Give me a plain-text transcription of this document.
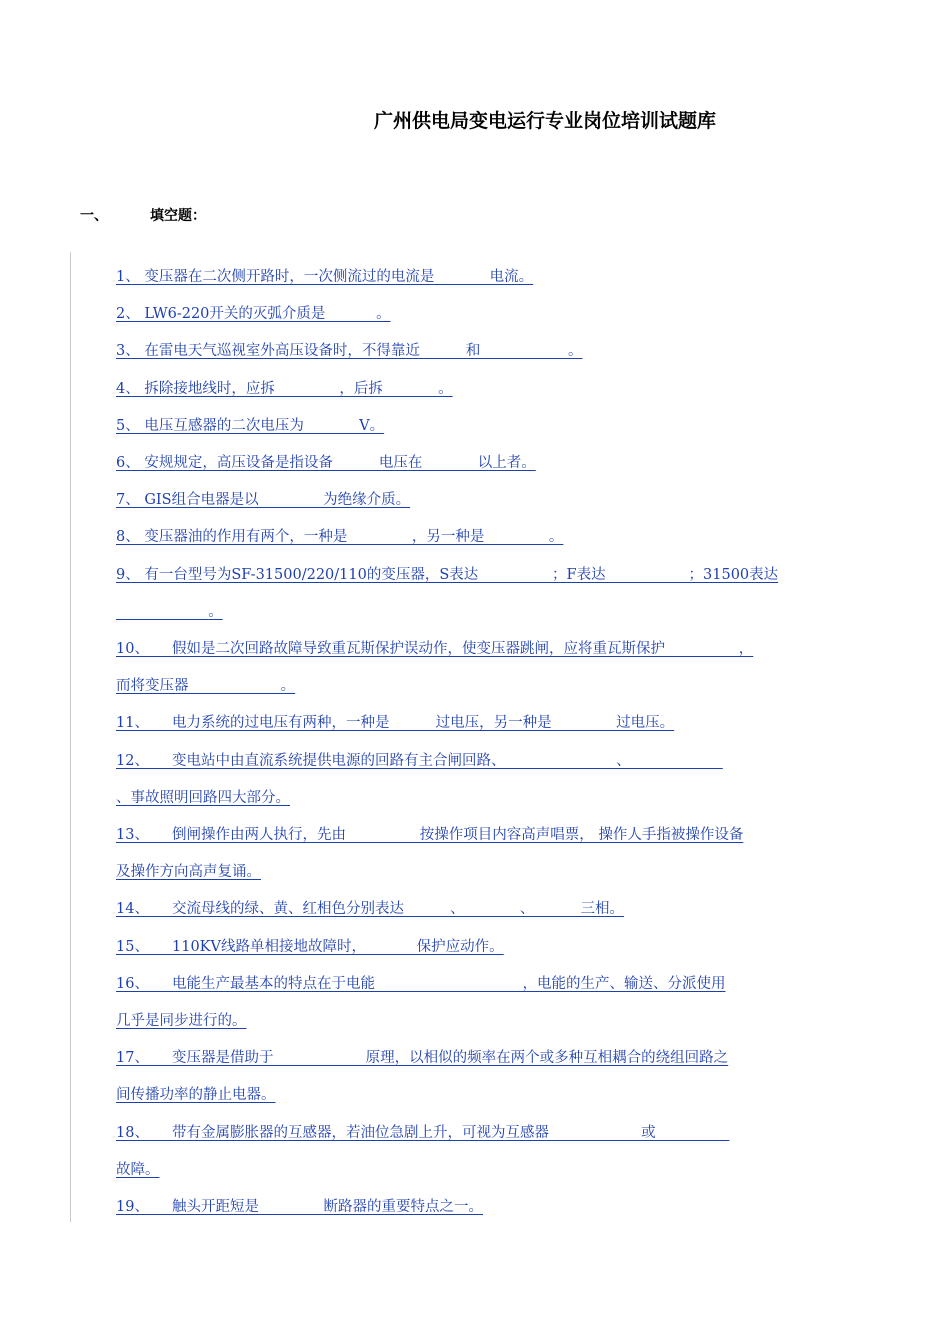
广州供电局变电运行专业岗位培训试题库
一、	填空题：

1、 变压器在二次侧开路时，一次侧流过的电流是            电流。

2、 LW6-220开关的灭弧介质是           。

3、 在雷电天气巡视室外高压设备时，不得靠近          和                   。

4、 拆除接地线时，应拆              ，后拆            。

5、 电压互感器的二次电压为            V。

6、 安规规定，高压设备是指设备          电压在            以上者。

7、 GIS组合电器是以              为绝缘介质。

8、 变压器油的作用有两个，一种是              ，另一种是              。

9、 有一台型号为SF-31500/220/110的变压器，S表达                ；F表达                  ；31500表达
。

10、     假如是二次回路故障导致重瓦斯保护误动作，使变压器跳闸，应将重瓦斯保护                ，
而将变压器                    。

11、     电力系统的过电压有两种，一种是          过电压，另一种是              过电压。

12、     变电站中由直流系统提供电源的回路有主合闸回路、                        、
、事故照明回路四大部分。

13、     倒闸操作由两人执行，先由                按操作项目内容高声唱票， 操作人手指被操作设备
及操作方向高声复诵。

14、     交流母线的绿、黄、红相色分别表达          、            、          三相。

15、     110KV线路单相接地故障时，           保护应动作。

16、     电能生产最基本的特点在于电能                                ，电能的生产、输送、分派使用
几乎是同步进行的。

17、     变压器是借助于                    原理，以相似的频率在两个或多种互相耦合的绕组回路之
间传播功率的静止电器。

18、     带有金属膨胀器的互感器，若油位急剧上升，可视为互感器                    或
故障。

19、     触头开距短是              断路器的重要特点之一。
